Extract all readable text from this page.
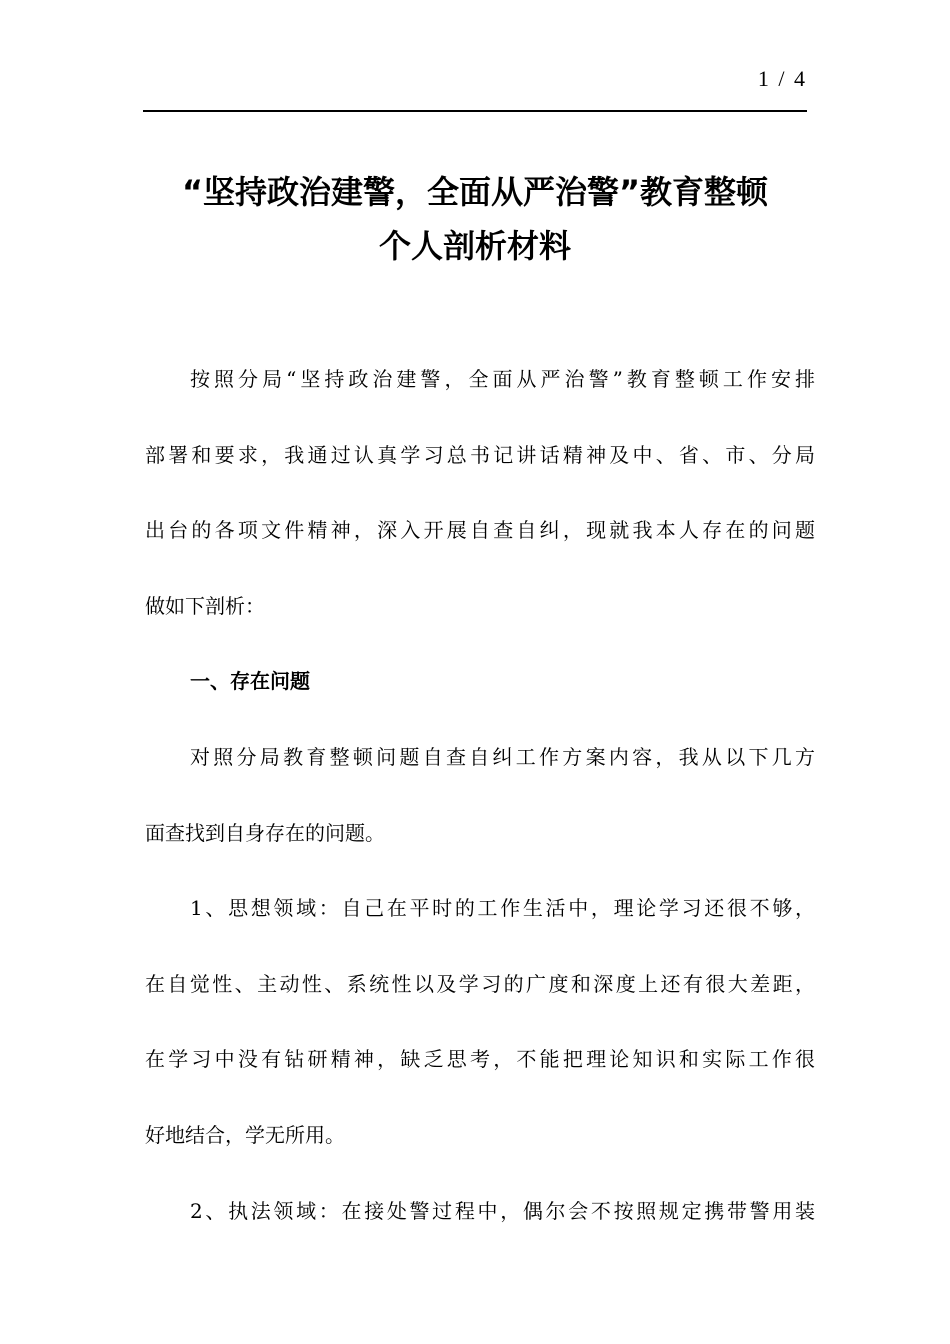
1 / 4
“坚持政治建警，全面从严治警”教育整顿
个人剖析材料
按照分局“坚持政治建警，全面从严治警”教育整顿工作安排
部署和要求，我通过认真学习总书记讲话精神及中、省、市、分局
出台的各项文件精神，深入开展自查自纠，现就我本人存在的问题
做如下剖析：
一、存在问题
对照分局教育整顿问题自查自纠工作方案内容，我从以下几方
面查找到自身存在的问题。
1、思想领域：自己在平时的工作生活中，理论学习还很不够，
在自觉性、主动性、系统性以及学习的广度和深度上还有很大差距，
在学习中没有钻研精神，缺乏思考，不能把理论知识和实际工作很
好地结合，学无所用。
2、执法领域：在接处警过程中，偶尔会不按照规定携带警用装
